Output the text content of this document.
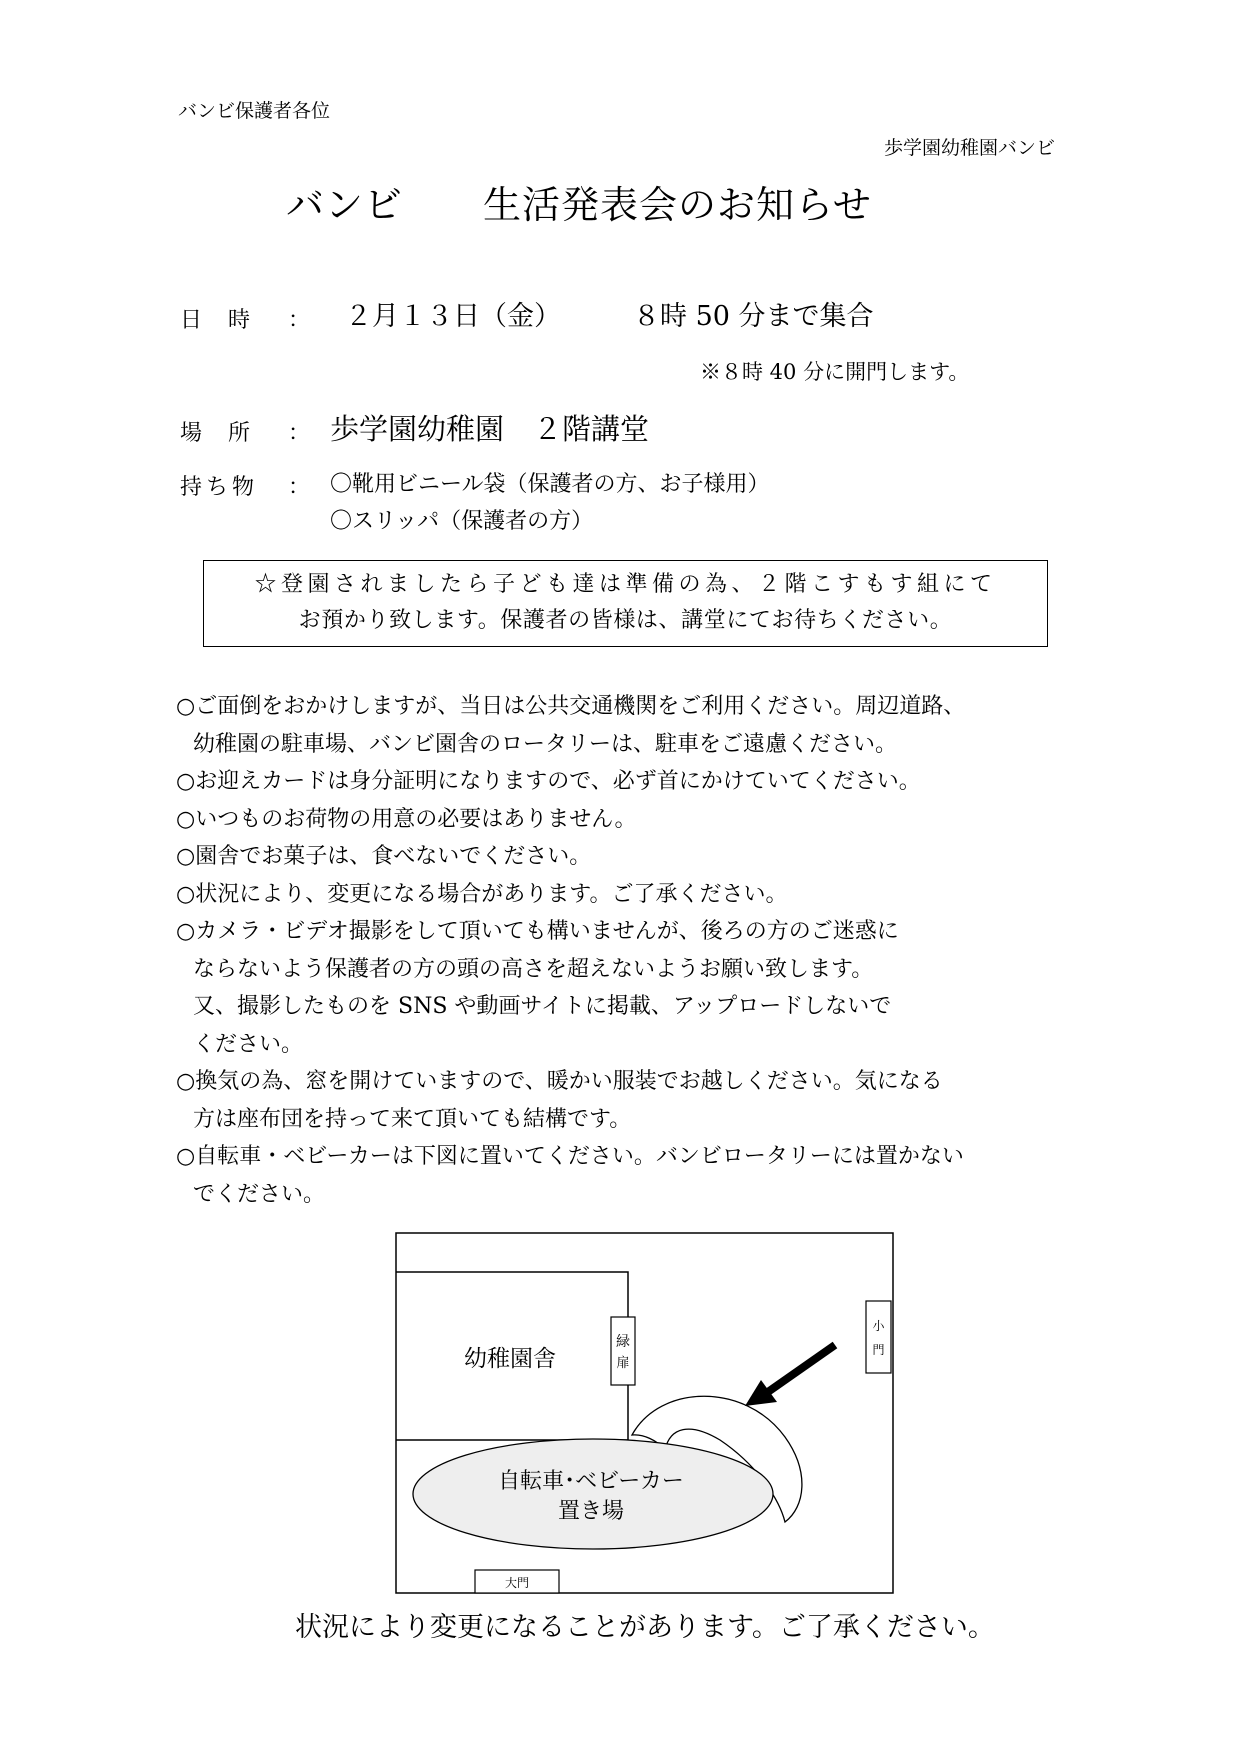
バンビ保護者各位
歩学園幼稚園バンビ
バンビ 生活発表会のお知らせ
日時 ： ２月１３日（金）	８時 50 分まで集合
※８時 40 分に開門します。
場所 ： 歩学園幼稚園　２階講堂
持ち物 ： 〇靴用ビニール袋（保護者の方、お子様用）
〇スリッパ（保護者の方）
☆登園されましたら子ども達は準備の為、２階こすもす組にて
お預かり致します。保護者の皆様は、講堂にてお待ちください。
○ご面倒をおかけしますが、当日は公共交通機関をご利用ください。周辺道路、
幼稚園の駐車場、バンビ園舎のロータリーは、駐車をご遠慮ください。
○お迎えカードは身分証明になりますので、必ず首にかけていてください。
○いつものお荷物の用意の必要はありません。
○園舎でお菓子は、食べないでください。
○状況により、変更になる場合があります。ご了承ください。
○カメラ・ビデオ撮影をして頂いても構いませんが、後ろの方のご迷惑に
ならないよう保護者の方の頭の高さを超えないようお願い致します。
又、撮影したものを SNS や動画サイトに掲載、アップロードしないで
ください。
○換気の為、窓を開けていますので、暖かい服装でお越しください。気になる
方は座布団を持って来て頂いても結構です。
○自転車・ベビーカーは下図に置いてください。バンビロータリーには置かない
でください。
幼稚園舎
緑
扉
小
門
自転車･ベビーカー
置き場
大門
状況により変更になることがあります。ご了承ください。
